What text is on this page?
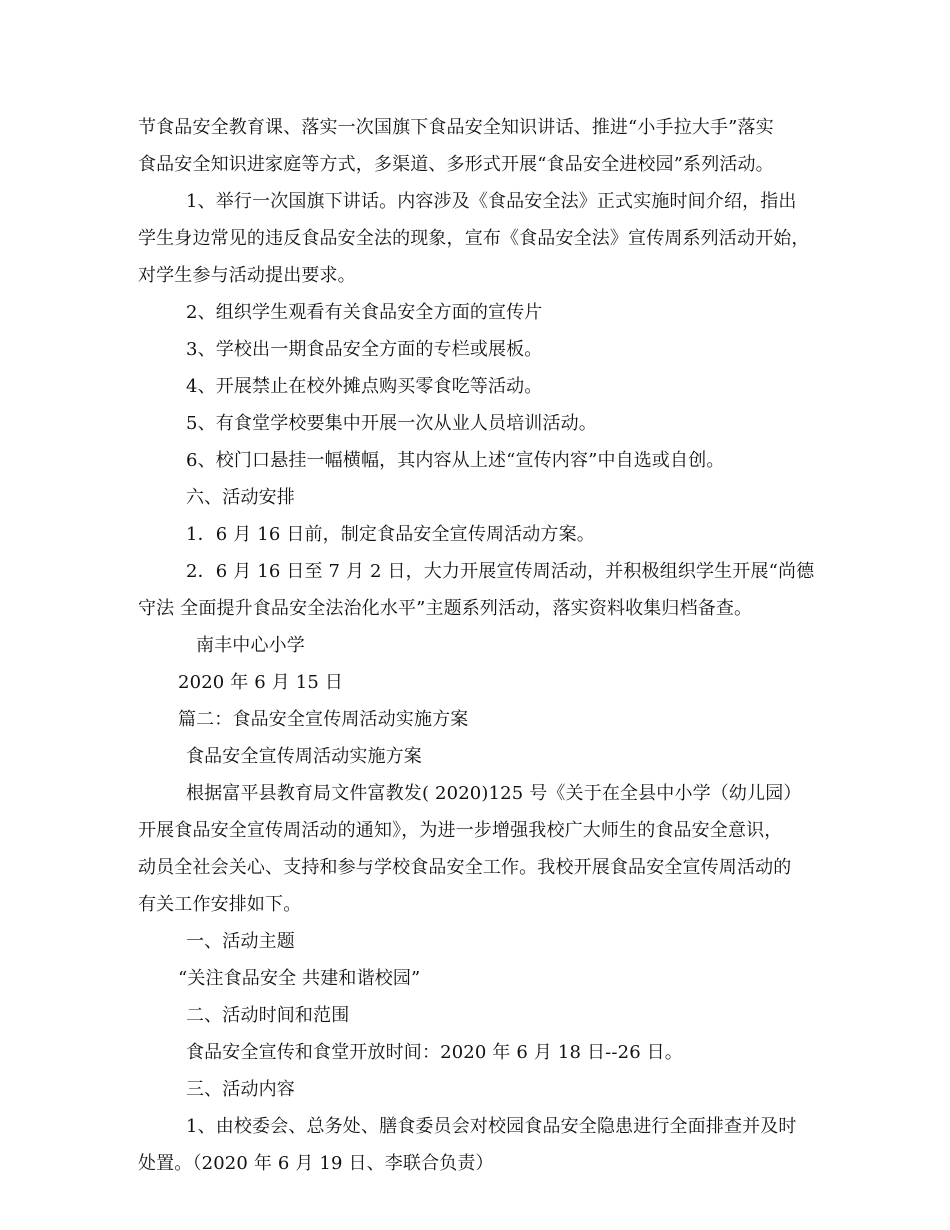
节食品安全教育课、落实一次国旗下食品安全知识讲话、推进“小手拉大手”落实
食品安全知识进家庭等方式，多渠道、多形式开展“食品安全进校园”系列活动。
1、举行一次国旗下讲话。内容涉及《食品安全法》正式实施时间介绍，指出
学生身边常见的违反食品安全法的现象，宣布《食品安全法》宣传周系列活动开始，
对学生参与活动提出要求。
2、组织学生观看有关食品安全方面的宣传片
3、学校出一期食品安全方面的专栏或展板。
4、开展禁止在校外摊点购买零食吃等活动。
5、有食堂学校要集中开展一次从业人员培训活动。
6、校门口悬挂一幅横幅，其内容从上述“宣传内容”中自选或自创。
六、活动安排
1．6 月 16 日前，制定食品安全宣传周活动方案。
2．6 月 16 日至 7 月 2 日，大力开展宣传周活动，并积极组织学生开展“尚德
守法 全面提升食品安全法治化水平”主题系列活动，落实资料收集归档备查。
南丰中心小学
2020 年 6 月 15 日
篇二：食品安全宣传周活动实施方案
食品安全宣传周活动实施方案
根据富平县教育局文件富教发( 2020)125 号《关于在全县中小学（幼儿园）
开展食品安全宣传周活动的通知》，为进一步增强我校广大师生的食品安全意识，
动员全社会关心、支持和参与学校食品安全工作。我校开展食品安全宣传周活动的
有关工作安排如下。
一、活动主题
“关注食品安全 共建和谐校园”
二、活动时间和范围
食品安全宣传和食堂开放时间：2020 年 6 月 18 日--26 日。
三、活动内容
1、由校委会、总务处、膳食委员会对校园食品安全隐患进行全面排查并及时
处置。（2020 年 6 月 19 日、李联合负责）
